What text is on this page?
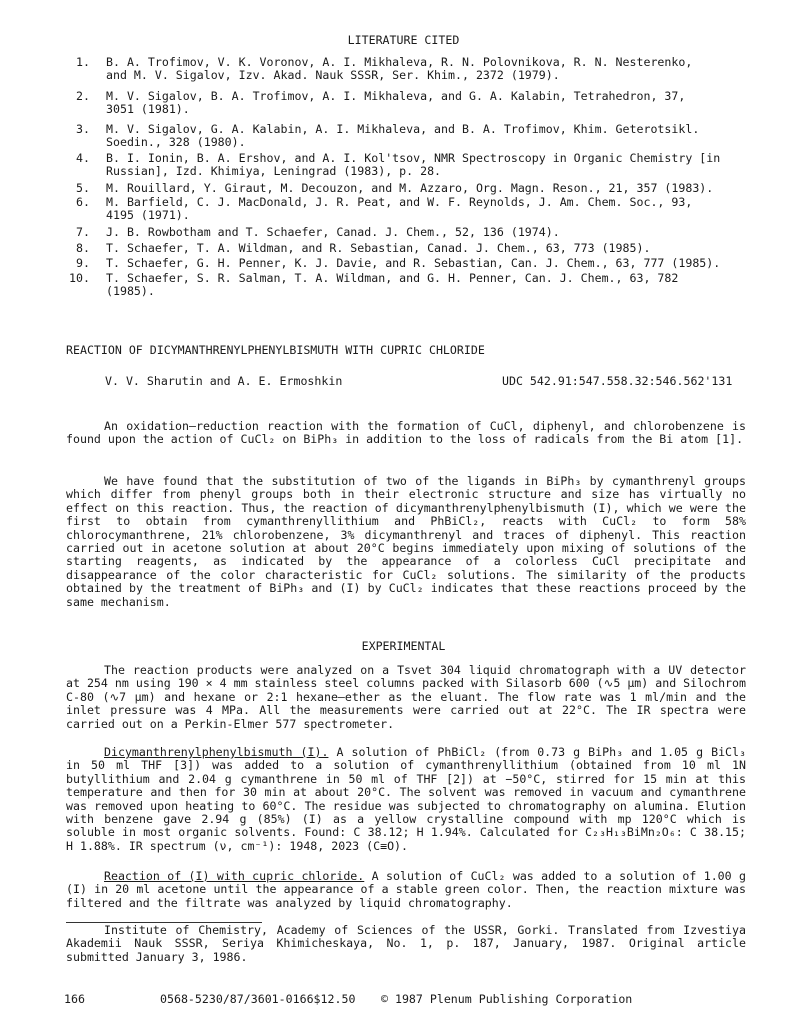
LITERATURE CITED
1. B. A. Trofimov, V. K. Voronov, A. I. Mikhaleva, R. N. Polovnikova, R. N. Nesterenko,
and M. V. Sigalov, Izv. Akad. Nauk SSSR, Ser. Khim., 2372 (1979).
2. M. V. Sigalov, B. A. Trofimov, A. I. Mikhaleva, and G. A. Kalabin, Tetrahedron, 37,
3051 (1981).
3. M. V. Sigalov, G. A. Kalabin, A. I. Mikhaleva, and B. A. Trofimov, Khim. Geterotsikl.
Soedin., 328 (1980).
4. B. I. Ionin, B. A. Ershov, and A. I. Kol'tsov, NMR Spectroscopy in Organic Chemistry [in
Russian], Izd. Khimiya, Leningrad (1983), p. 28.
5. M. Rouillard, Y. Giraut, M. Decouzon, and M. Azzaro, Org. Magn. Reson., 21, 357 (1983).
6. M. Barfield, C. J. MacDonald, J. R. Peat, and W. F. Reynolds, J. Am. Chem. Soc., 93,
4195 (1971).
7. J. B. Rowbotham and T. Schaefer, Canad. J. Chem., 52, 136 (1974).
8. T. Schaefer, T. A. Wildman, and R. Sebastian, Canad. J. Chem., 63, 773 (1985).
9. T. Schaefer, G. H. Penner, K. J. Davie, and R. Sebastian, Can. J. Chem., 63, 777 (1985).
10. T. Schaefer, S. R. Salman, T. A. Wildman, and G. H. Penner, Can. J. Chem., 63, 782
(1985).
REACTION OF DICYMANTHRENYLPHENYLBISMUTH WITH CUPRIC CHLORIDE
V. V. Sharutin and A. E. Ermoshkin	UDC 542.91:547.558.32:546.562'131
An oxidation–reduction reaction with the formation of CuCl, diphenyl, and chlorobenzene is found upon the action of CuCl₂ on BiPh₃ in addition to the loss of radicals from the Bi atom [1].
We have found that the substitution of two of the ligands in BiPh₃ by cymanthrenyl groups which differ from phenyl groups both in their electronic structure and size has virtually no effect on this reaction. Thus, the reaction of dicymanthrenylphenylbismuth (I), which we were the first to obtain from cymanthrenyllithium and PhBiCl₂, reacts with CuCl₂ to form 58% chlorocymanthrene, 21% chlorobenzene, 3% dicymanthrenyl and traces of diphenyl. This reaction carried out in acetone solution at about 20°C begins immediately upon mixing of solutions of the starting reagents, as indicated by the appearance of a colorless CuCl precipitate and disappearance of the color characteristic for CuCl₂ solutions. The similarity of the products obtained by the treatment of BiPh₃ and (I) by CuCl₂ indicates that these reactions proceed by the same mechanism.
EXPERIMENTAL
The reaction products were analyzed on a Tsvet 304 liquid chromatograph with a UV detector at 254 nm using 190 × 4 mm stainless steel columns packed with Silasorb 600 (∿5 μm) and Silochrom C-80 (∿7 μm) and hexane or 2:1 hexane–ether as the eluant. The flow rate was 1 ml/min and the inlet pressure was 4 MPa. All the measurements were carried out at 22°C. The IR spectra were carried out on a Perkin-Elmer 577 spectrometer.
Dicymanthrenylphenylbismuth (I). A solution of PhBiCl₂ (from 0.73 g BiPh₃ and 1.05 g BiCl₃ in 50 ml THF [3]) was added to a solution of cymanthrenyllithium (obtained from 10 ml 1N butyllithium and 2.04 g cymanthrene in 50 ml of THF [2]) at −50°C, stirred for 15 min at this temperature and then for 30 min at about 20°C. The solvent was removed in vacuum and cymanthrene was removed upon heating to 60°C. The residue was subjected to chromatography on alumina. Elution with benzene gave 2.94 g (85%) (I) as a yellow crystalline compound with mp 120°C which is soluble in most organic solvents. Found: C 38.12; H 1.94%. Calculated for C₂₃H₁₃BiMn₂O₆: C 38.15; H 1.88%. IR spectrum (ν, cm⁻¹): 1948, 2023 (C≡O).
Reaction of (I) with cupric chloride. A solution of CuCl₂ was added to a solution of 1.00 g (I) in 20 ml acetone until the appearance of a stable green color. Then, the reaction mixture was filtered and the filtrate was analyzed by liquid chromatography.
Institute of Chemistry, Academy of Sciences of the USSR, Gorki. Translated from Izvestiya Akademii Nauk SSSR, Seriya Khimicheskaya, No. 1, p. 187, January, 1987. Original article submitted January 3, 1986.
166	0568-5230/87/3601-0166$12.50 © 1987 Plenum Publishing Corporation
